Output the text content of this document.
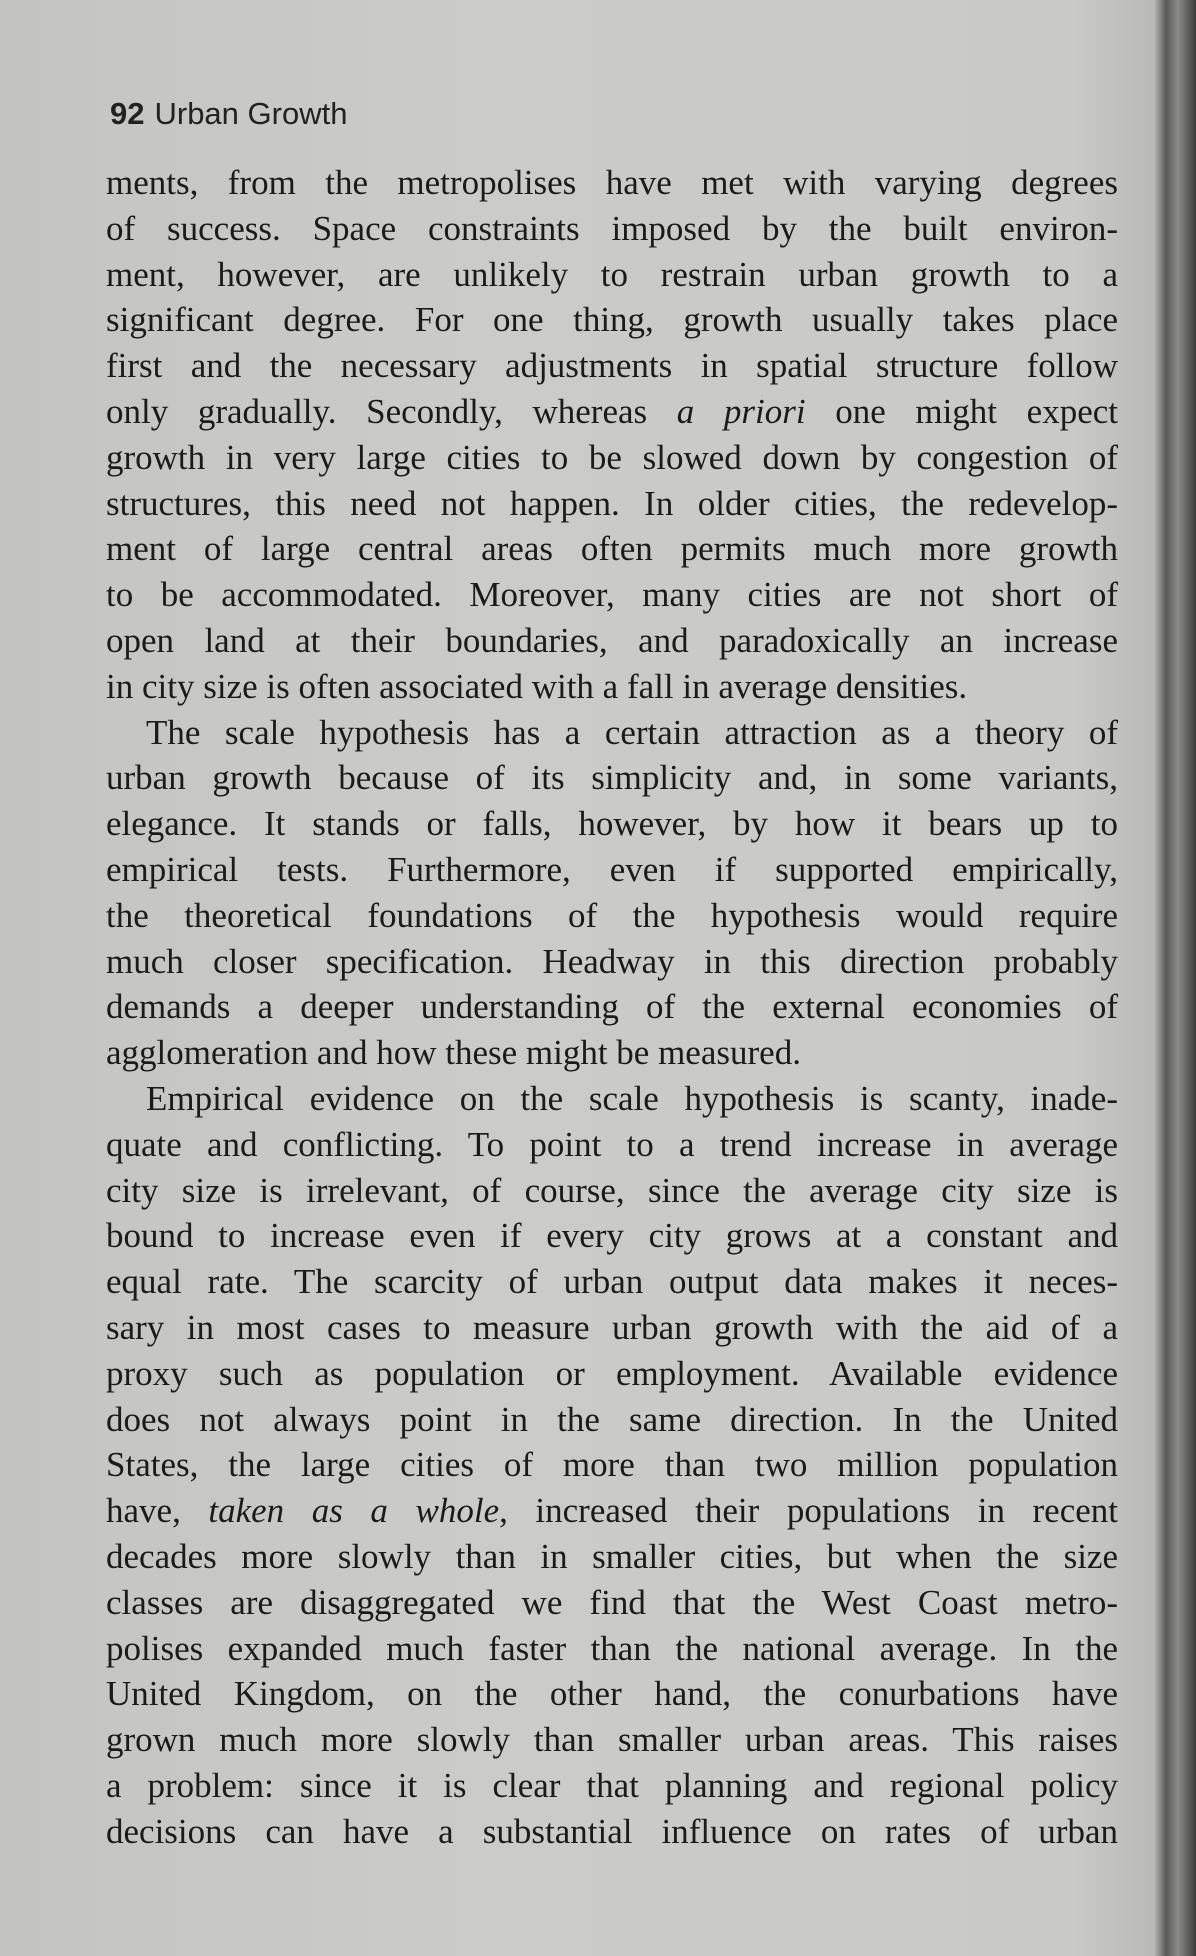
92 Urban Growth
ments, from the metropolises have met with varying degrees
of success. Space constraints imposed by the built environ-
ment, however, are unlikely to restrain urban growth to a
significant degree. For one thing, growth usually takes place
first and the necessary adjustments in spatial structure follow
only gradually. Secondly, whereas a priori one might expect
growth in very large cities to be slowed down by congestion of
structures, this need not happen. In older cities, the redevelop-
ment of large central areas often permits much more growth
to be accommodated. Moreover, many cities are not short of
open land at their boundaries, and paradoxically an increase
in city size is often associated with a fall in average densities.
The scale hypothesis has a certain attraction as a theory of
urban growth because of its simplicity and, in some variants,
elegance. It stands or falls, however, by how it bears up to
empirical tests. Furthermore, even if supported empirically,
the theoretical foundations of the hypothesis would require
much closer specification. Headway in this direction probably
demands a deeper understanding of the external economies of
agglomeration and how these might be measured.
Empirical evidence on the scale hypothesis is scanty, inade-
quate and conflicting. To point to a trend increase in average
city size is irrelevant, of course, since the average city size is
bound to increase even if every city grows at a constant and
equal rate. The scarcity of urban output data makes it neces-
sary in most cases to measure urban growth with the aid of a
proxy such as population or employment. Available evidence
does not always point in the same direction. In the United
States, the large cities of more than two million population
have, taken as a whole, increased their populations in recent
decades more slowly than in smaller cities, but when the size
classes are disaggregated we find that the West Coast metro-
polises expanded much faster than the national average. In the
United Kingdom, on the other hand, the conurbations have
grown much more slowly than smaller urban areas. This raises
a problem: since it is clear that planning and regional policy
decisions can have a substantial influence on rates of urban
